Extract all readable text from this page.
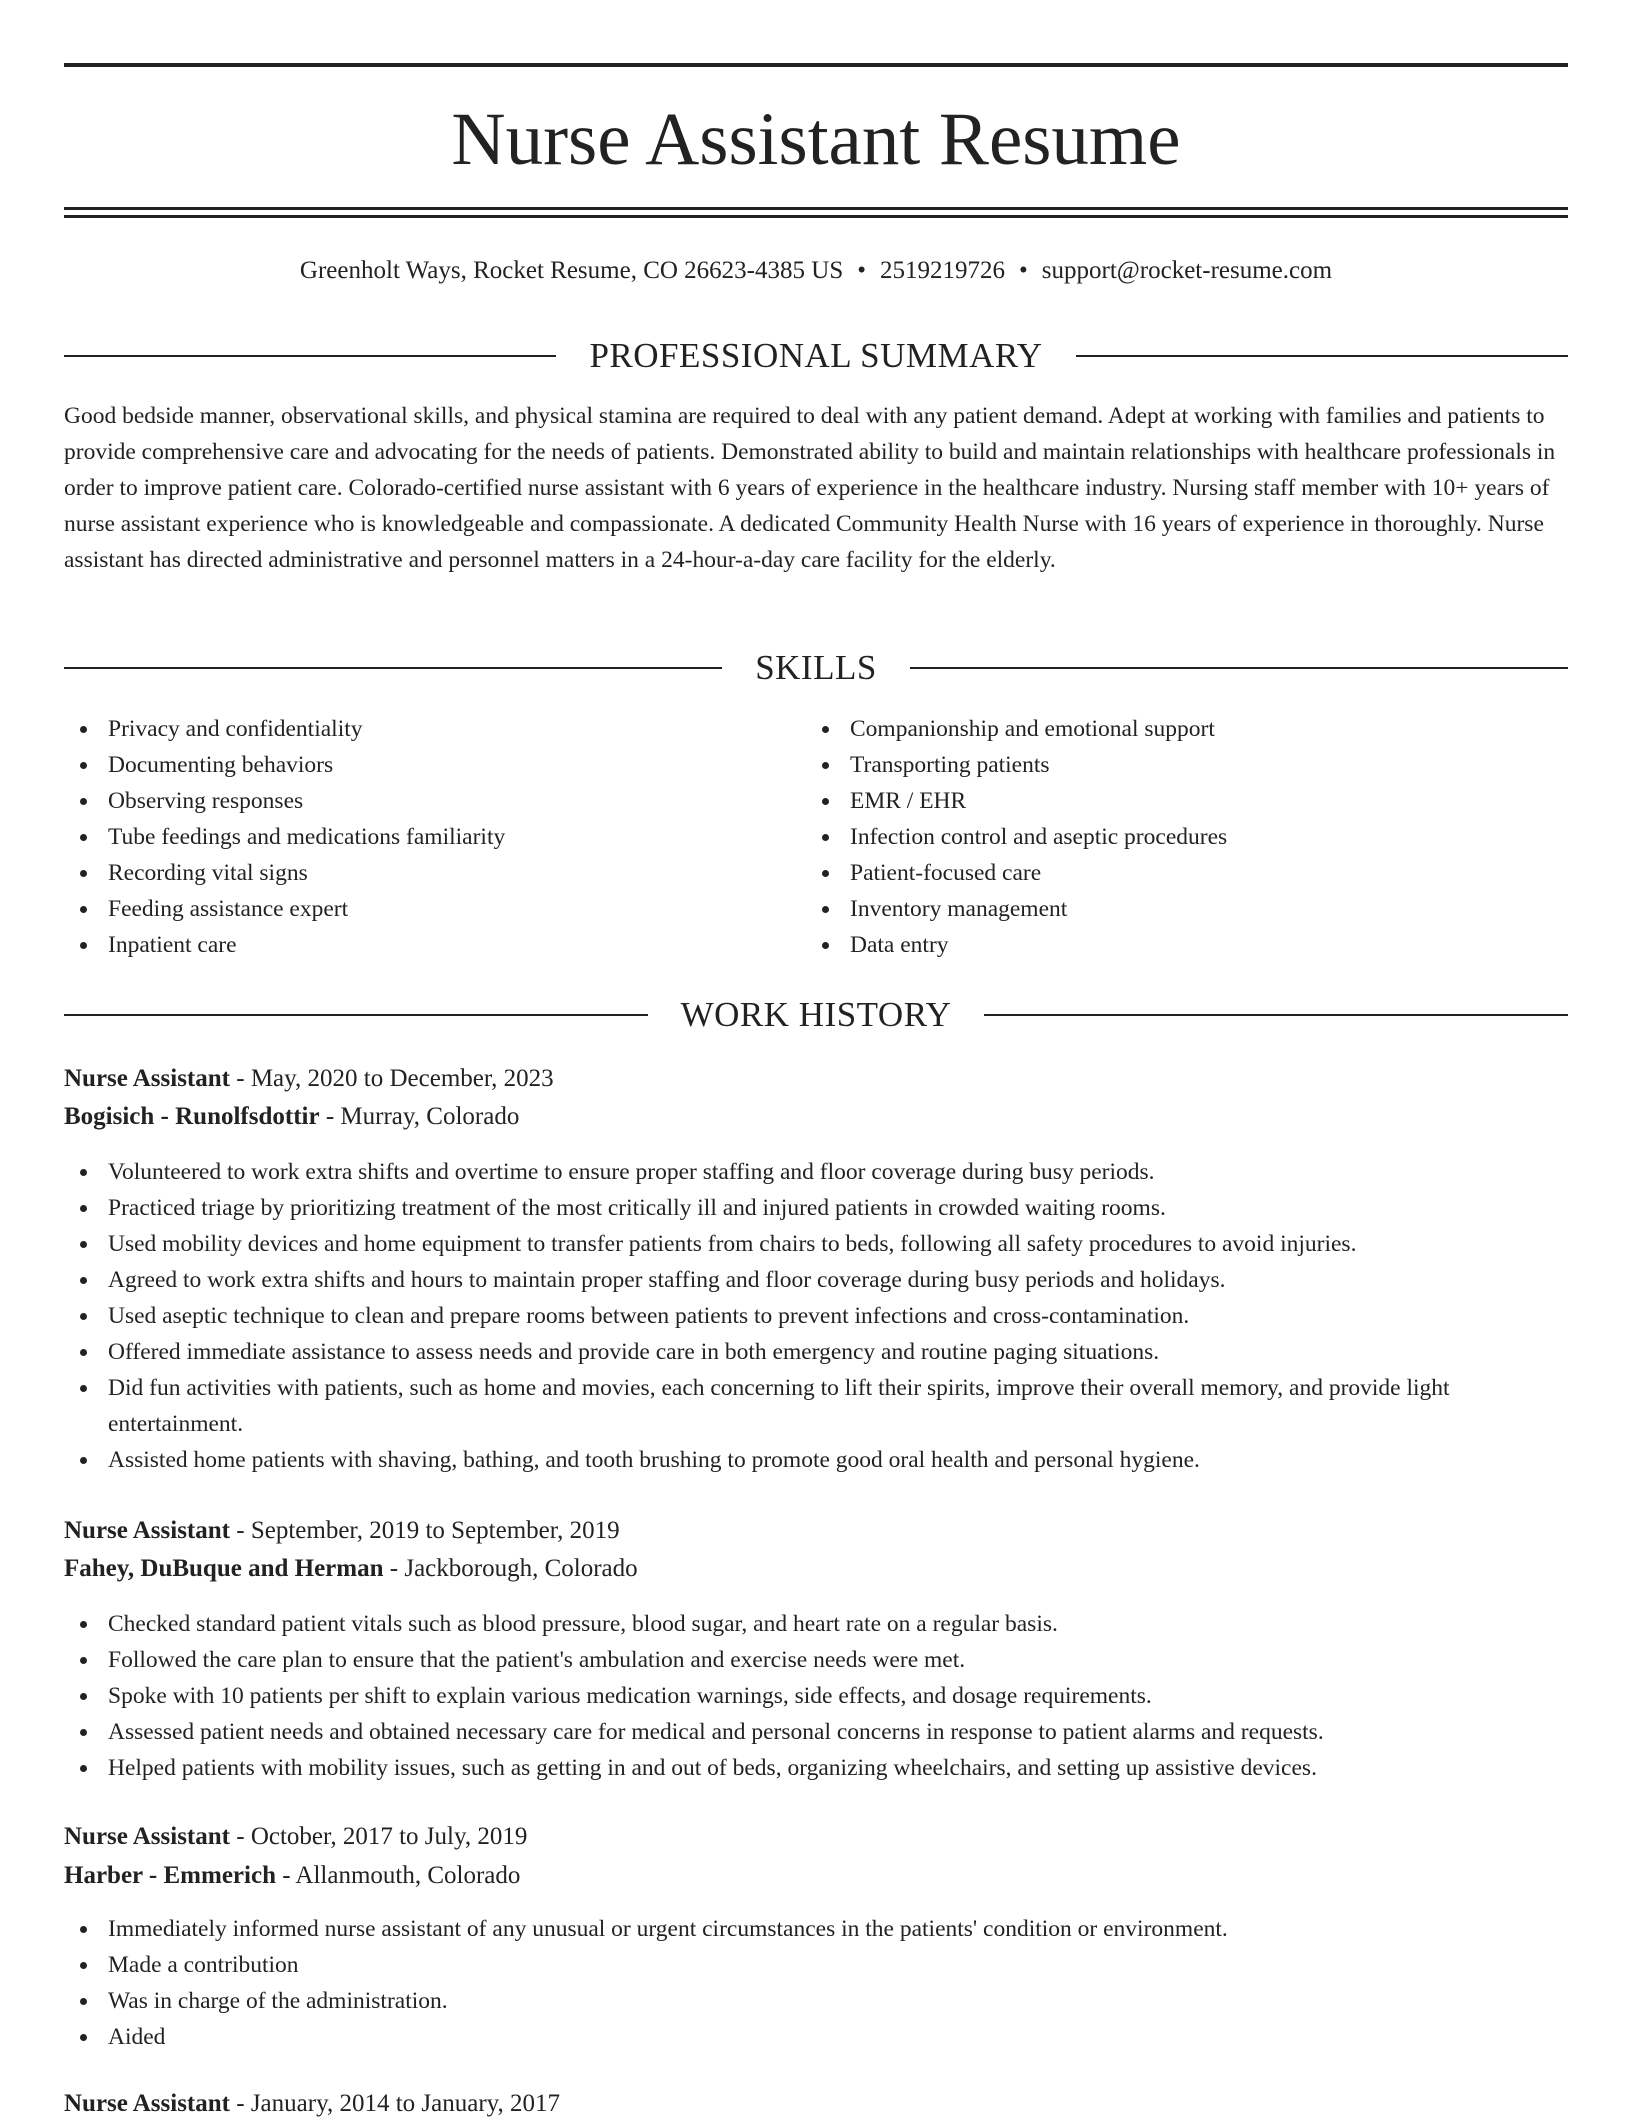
Nurse Assistant Resume
Greenholt Ways, Rocket Resume, CO 26623-4385 US • 2519219726 • support@rocket-resume.com
PROFESSIONAL SUMMARY

Good bedside manner, observational skills, and physical stamina are required to deal with any patient demand. Adept at working with families and patients to provide comprehensive care and advocating for the needs of patients. Demonstrated ability to build and maintain relationships with healthcare professionals in order to improve patient care. Colorado-certified nurse assistant with 6 years of experience in the healthcare industry. Nursing staff member with 10+ years of nurse assistant experience who is knowledgeable and compassionate. A dedicated Community Health Nurse with 16 years of experience in thoroughly. Nurse assistant has directed administrative and personnel matters in a 24-hour-a-day care facility for the elderly.

SKILLS
Privacy and confidentiality
Documenting behaviors
Observing responses
Tube feedings and medications familiarity
Recording vital signs
Feeding assistance expert
Inpatient care
Companionship and emotional support
Transporting patients
EMR / EHR
Infection control and aseptic procedures
Patient-focused care
Inventory management
Data entry
WORK HISTORY
Nurse Assistant - May, 2020 to December, 2023
Bogisich - Runolfsdottir - Murray, Colorado
Volunteered to work extra shifts and overtime to ensure proper staffing and floor coverage during busy periods.
Practiced triage by prioritizing treatment of the most critically ill and injured patients in crowded waiting rooms.
Used mobility devices and home equipment to transfer patients from chairs to beds, following all safety procedures to avoid injuries.
Agreed to work extra shifts and hours to maintain proper staffing and floor coverage during busy periods and holidays.
Used aseptic technique to clean and prepare rooms between patients to prevent infections and cross-contamination.
Offered immediate assistance to assess needs and provide care in both emergency and routine paging situations.
Did fun activities with patients, such as home and movies, each concerning to lift their spirits, improve their overall memory, and provide light entertainment.
Assisted home patients with shaving, bathing, and tooth brushing to promote good oral health and personal hygiene.
Nurse Assistant - September, 2019 to September, 2019
Fahey, DuBuque and Herman - Jackborough, Colorado
Checked standard patient vitals such as blood pressure, blood sugar, and heart rate on a regular basis.
Followed the care plan to ensure that the patient's ambulation and exercise needs were met.
Spoke with 10 patients per shift to explain various medication warnings, side effects, and dosage requirements.
Assessed patient needs and obtained necessary care for medical and personal concerns in response to patient alarms and requests.
Helped patients with mobility issues, such as getting in and out of beds, organizing wheelchairs, and setting up assistive devices.
Nurse Assistant - October, 2017 to July, 2019
Harber - Emmerich - Allanmouth, Colorado
Immediately informed nurse assistant of any unusual or urgent circumstances in the patients' condition or environment.
Made a contribution
Was in charge of the administration.
Aided
Nurse Assistant - January, 2014 to January, 2017
